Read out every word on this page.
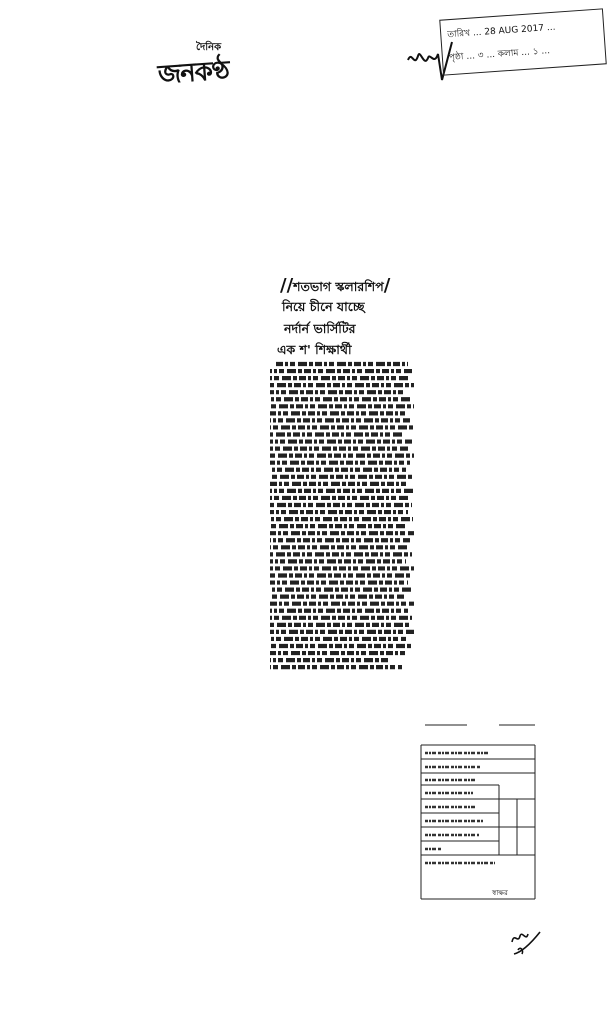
দৈনিক
জনকণ্ঠ
তারিখ ... 28 AUG 2017 ...
পৃষ্ঠা ... ৩ ... কলাম ... ১ ...
//শতভাগ স্কলারশিপ/
নিয়ে চীনে যাচ্ছে
নর্দার্ন ভার্সিটির
এক শ' শিক্ষার্থী
স্বাক্ষর
